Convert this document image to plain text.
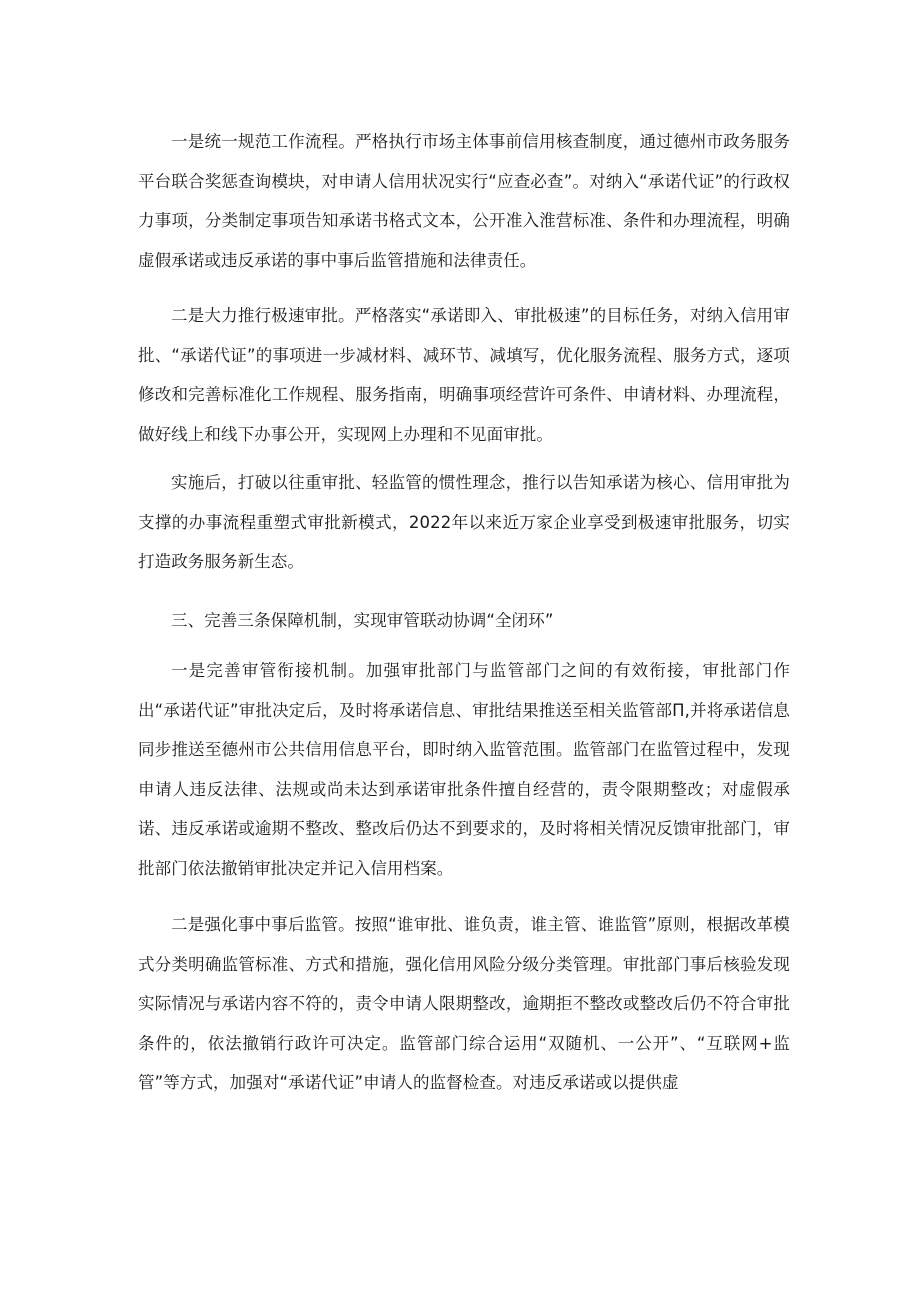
一是统一规范工作流程。严格执行市场主体事前信用核查制度，通过德州市政务服务平台联合奖惩查询模块，对申请人信用状况实行“应查必查”。对纳入“承诺代证”的行政权力事项，分类制定事项告知承诺书格式文本，公开准入淮营标准、条件和办理流程，明确虚假承诺或违反承诺的事中事后监管措施和法律责任。

二是大力推行极速审批。严格落实“承诺即入、审批极速”的目标任务，对纳入信用审批、“承诺代证”的事项进一步减材料、减环节、减填写，优化服务流程、服务方式，逐项修改和完善标准化工作规程、服务指南，明确事项经营许可条件、申请材料、办理流程，做好线上和线下办事公开，实现网上办理和不见面审批。

实施后，打破以往重审批、轻监管的惯性理念，推行以告知承诺为核心、信用审批为支撑的办事流程重塑式审批新模式，2022年以来近万家企业享受到极速审批服务，切实打造政务服务新生态。

三、完善三条保障机制，实现审管联动协调“全闭环”

一是完善审管衔接机制。加强审批部门与监管部门之间的有效衔接，审批部门作出“承诺代证”审批决定后，及时将承诺信息、审批结果推送至相关监管部Π,并将承诺信息同步推送至德州市公共信用信息平台，即时纳入监管范围。监管部门在监管过程中，发现申请人违反法律、法规或尚未达到承诺审批条件擅自经营的，责令限期整改；对虚假承诺、违反承诺或逾期不整改、整改后仍达不到要求的，及时将相关情况反馈审批部门，审批部门依法撤销审批决定并记入信用档案。

二是强化事中事后监管。按照“谁审批、谁负责，谁主管、谁监管”原则，根据改革模式分类明确监管标准、方式和措施，强化信用风险分级分类管理。审批部门事后核验发现实际情况与承诺内容不符的，责令申请人限期整改，逾期拒不整改或整改后仍不符合审批条件的，依法撤销行政许可决定。监管部门综合运用“双随机、一公开”、“互联网+监管”等方式，加强对“承诺代证”申请人的监督检查。对违反承诺或以提供虚
